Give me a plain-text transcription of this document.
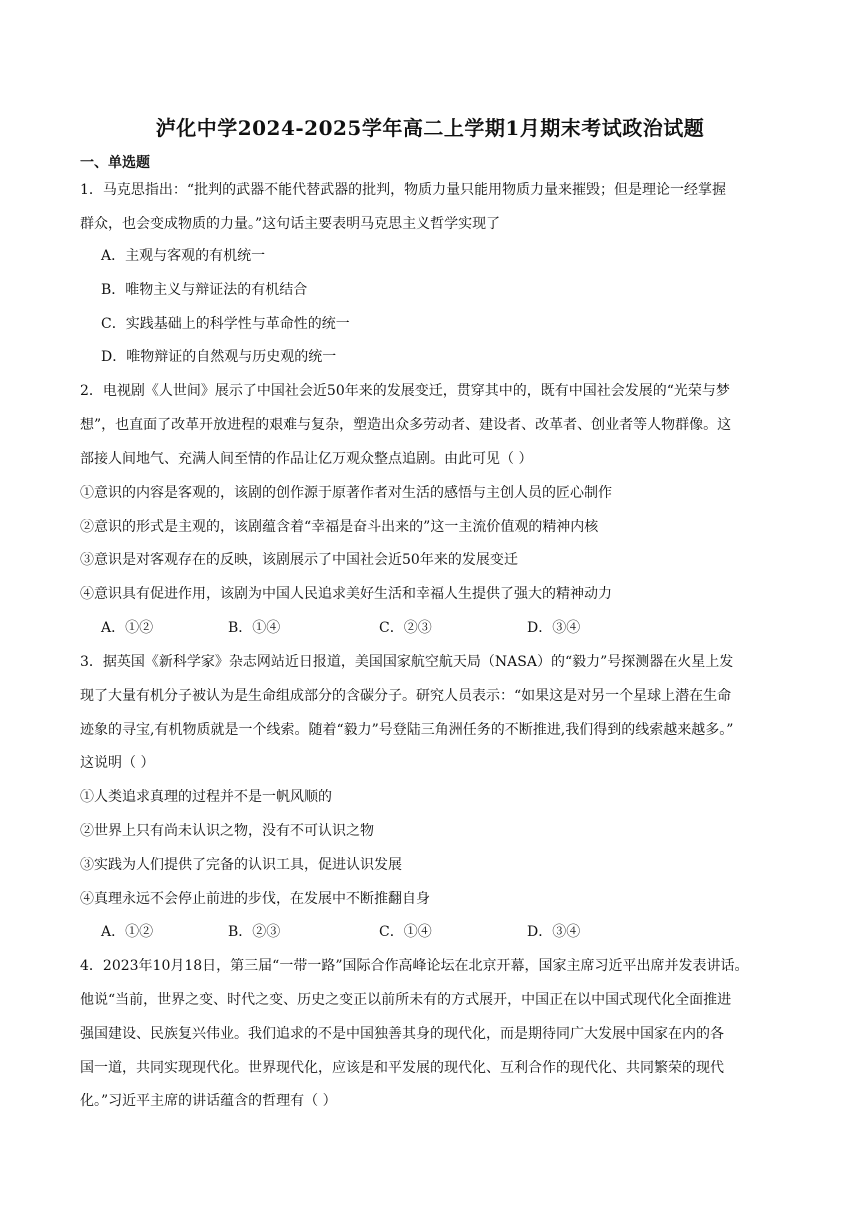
泸化中学2024-2025学年高二上学期1月期末考试政治试题
一、单选题
1．马克思指出：“批判的武器不能代替武器的批判，物质力量只能用物质力量来摧毁；但是理论一经掌握
群众，也会变成物质的力量。”这句话主要表明马克思主义哲学实现了
A．主观与客观的有机统一
B．唯物主义与辩证法的有机结合
C．实践基础上的科学性与革命性的统一
D．唯物辩证的自然观与历史观的统一
2．电视剧《人世间》展示了中国社会近50年来的发展变迁，贯穿其中的，既有中国社会发展的“光荣与梦
想”，也直面了改革开放进程的艰难与复杂，塑造出众多劳动者、建设者、改革者、创业者等人物群像。这
部接人间地气、充满人间至情的作品让亿万观众整点追剧。由此可见（ ）
①意识的内容是客观的，该剧的创作源于原著作者对生活的感悟与主创人员的匠心制作
②意识的形式是主观的，该剧蕴含着“幸福是奋斗出来的”这一主流价值观的精神内核
③意识是对客观存在的反映，该剧展示了中国社会近50年来的发展变迁
④意识具有促进作用，该剧为中国人民追求美好生活和幸福人生提供了强大的精神动力
A．①②	B．①④	C．②③	D．③④
3．据英国《新科学家》杂志网站近日报道，美国国家航空航天局（NASA）的“毅力”号探测器在火星上发
现了大量有机分子被认为是生命组成部分的含碳分子。研究人员表示：“如果这是对另一个星球上潜在生命
迹象的寻宝,有机物质就是一个线索。随着“毅力”号登陆三角洲任务的不断推进,我们得到的线索越来越多。”
这说明（ ）
①人类追求真理的过程并不是一帆风顺的
②世界上只有尚未认识之物，没有不可认识之物
③实践为人们提供了完备的认识工具，促进认识发展
④真理永远不会停止前进的步伐，在发展中不断推翻自身
A．①②	B．②③	C．①④	D．③④
4．2023年10月18日，第三届“一带一路”国际合作高峰论坛在北京开幕，国家主席习近平出席并发表讲话。
他说“当前，世界之变、时代之变、历史之变正以前所未有的方式展开，中国正在以中国式现代化全面推进
强国建设、民族复兴伟业。我们追求的不是中国独善其身的现代化，而是期待同广大发展中国家在内的各
国一道，共同实现现代化。世界现代化，应该是和平发展的现代化、互利合作的现代化、共同繁荣的现代
化。”习近平主席的讲话蕴含的哲理有（ ）
